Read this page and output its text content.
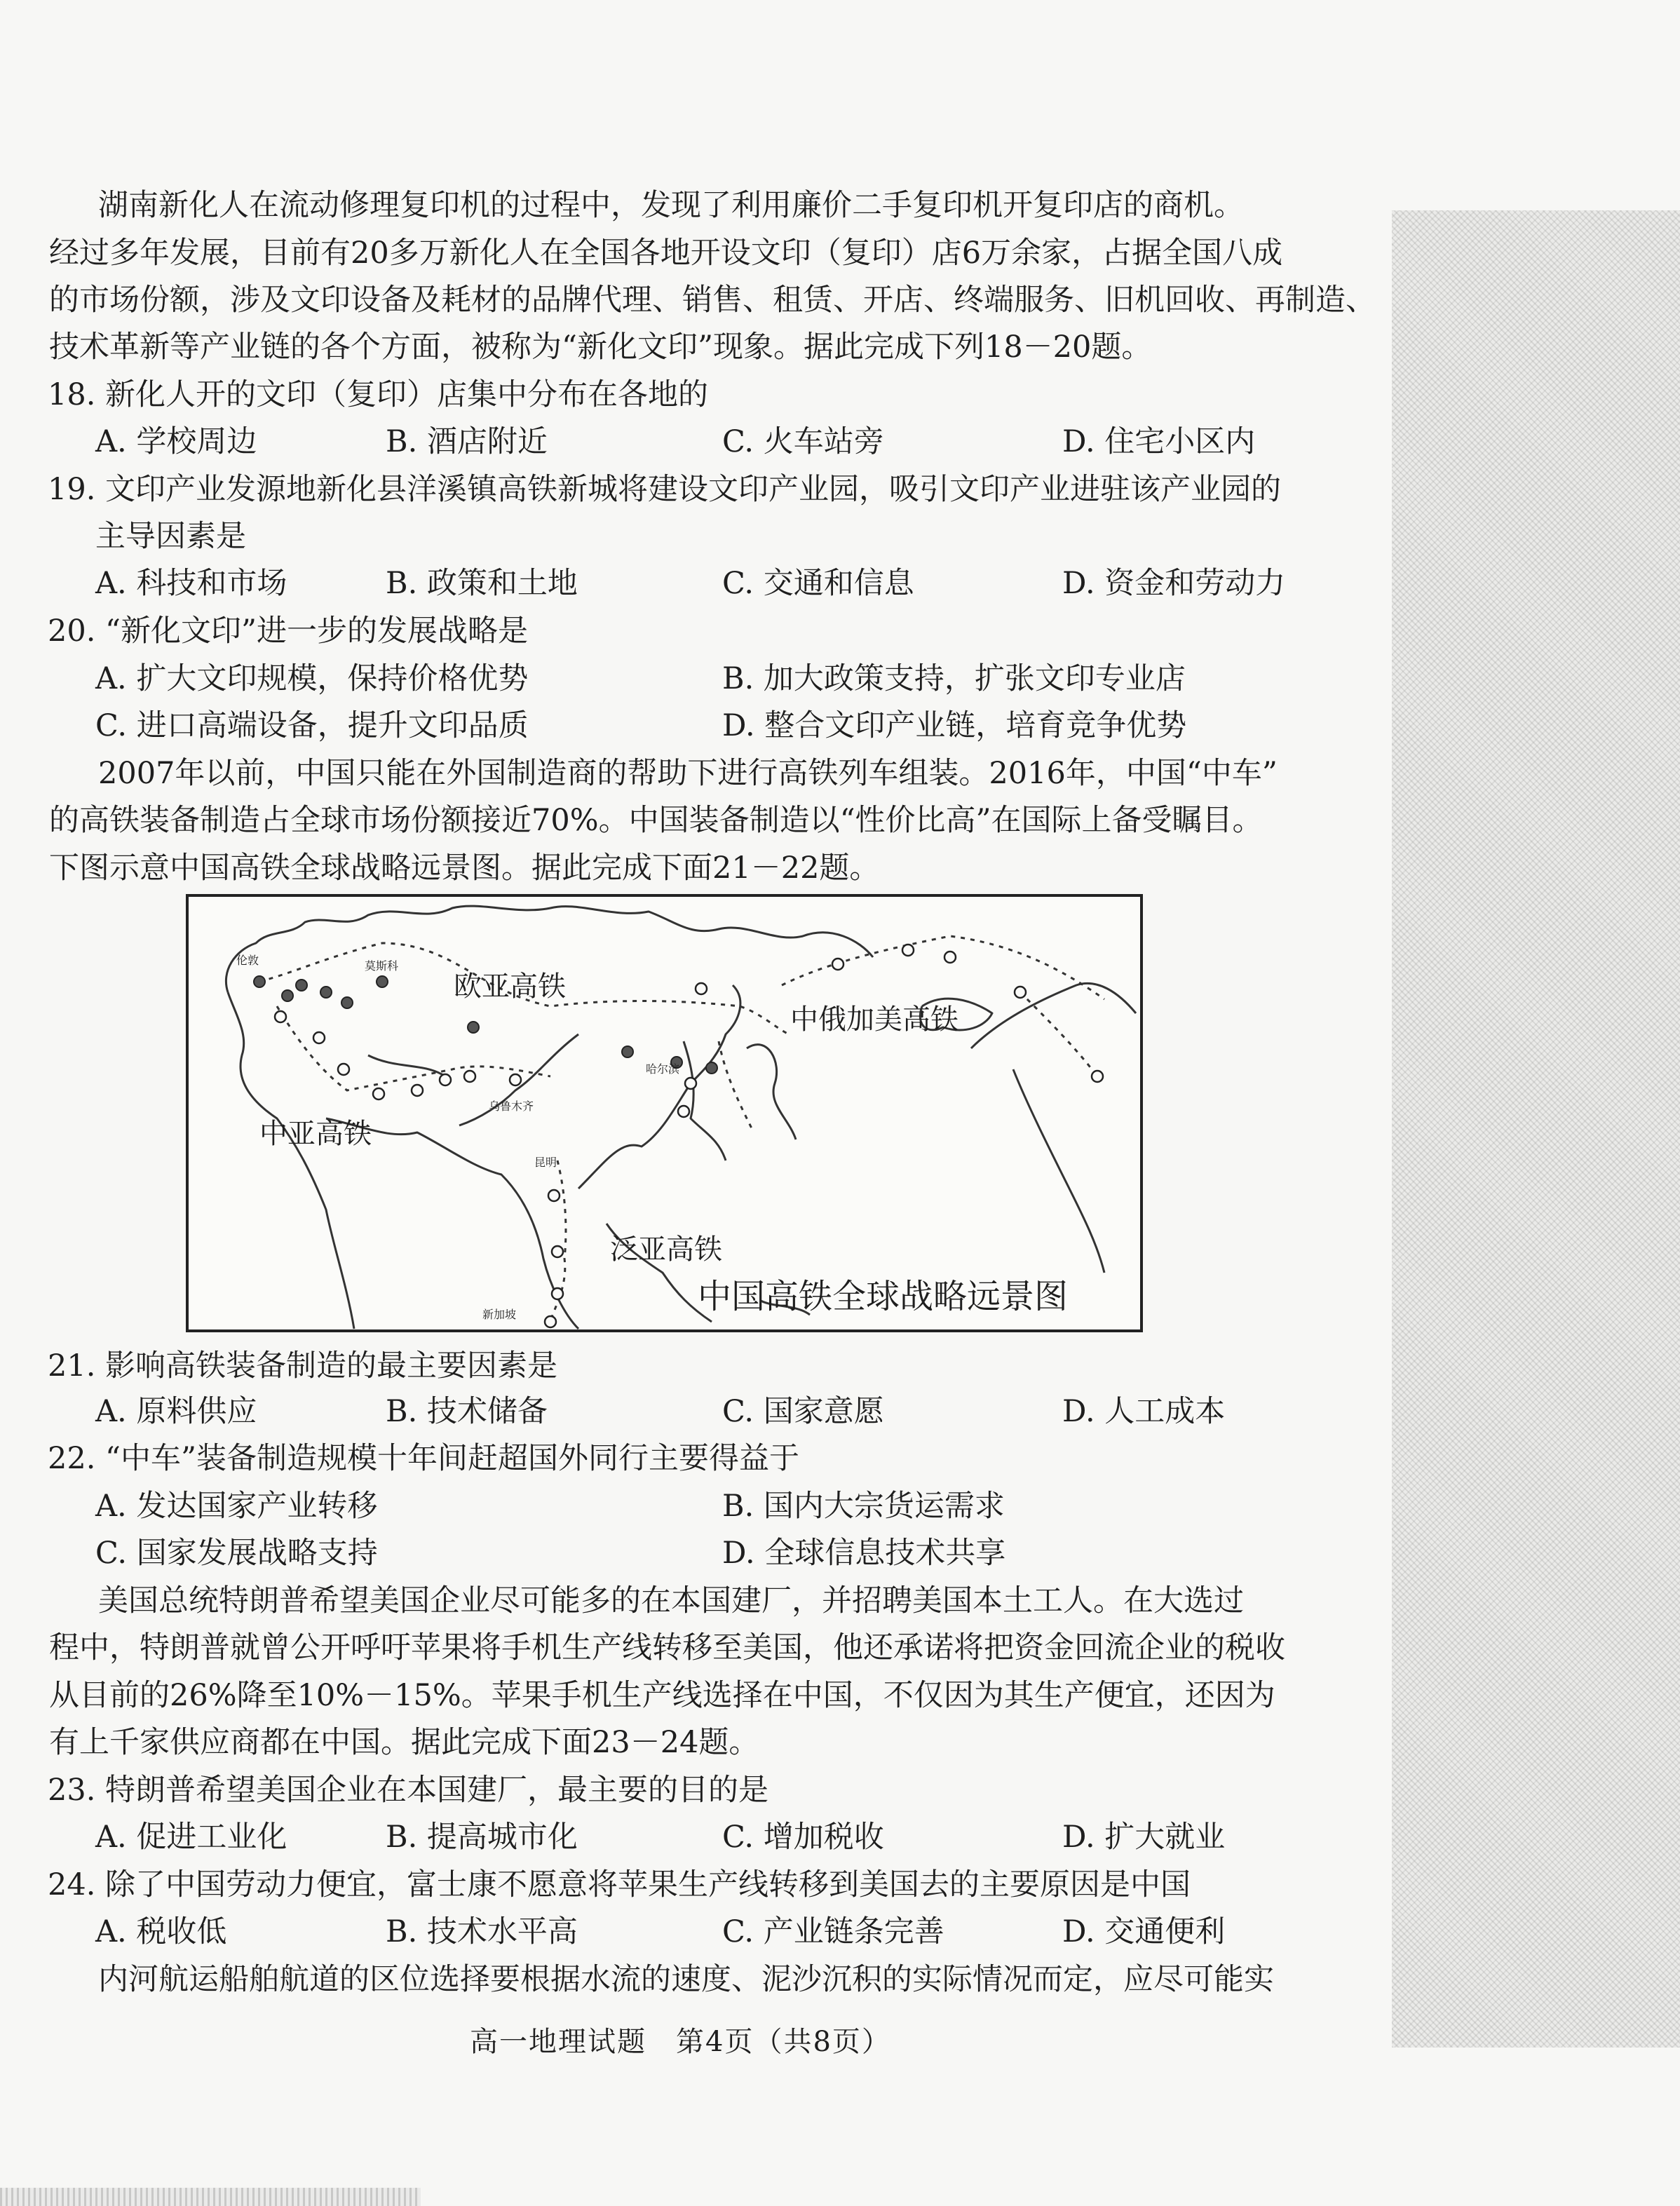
湖南新化人在流动修理复印机的过程中，发现了利用廉价二手复印机开复印店的商机。
经过多年发展，目前有20多万新化人在全国各地开设文印（复印）店6万余家，占据全国八成
的市场份额，涉及文印设备及耗材的品牌代理、销售、租赁、开店、终端服务、旧机回收、再制造、
技术革新等产业链的各个方面，被称为“新化文印”现象。据此完成下列18－20题。
18. 新化人开的文印（复印）店集中分布在各地的
A. 学校周边	B. 酒店附近	C. 火车站旁	D. 住宅小区内
19. 文印产业发源地新化县洋溪镇高铁新城将建设文印产业园，吸引文印产业进驻该产业园的
主导因素是
A. 科技和市场	B. 政策和土地	C. 交通和信息	D. 资金和劳动力
20. “新化文印”进一步的发展战略是
A. 扩大文印规模，保持价格优势	B. 加大政策支持，扩张文印专业店
C. 进口高端设备，提升文印品质	D. 整合文印产业链，培育竞争优势
2007年以前，中国只能在外国制造商的帮助下进行高铁列车组装。2016年，中国“中车”
的高铁装备制造占全球市场份额接近70%。中国装备制造以“性价比高”在国际上备受瞩目。
下图示意中国高铁全球战略远景图。据此完成下面21－22题。
欧亚高铁
中俄加美高铁
中亚高铁
泛亚高铁
伦敦	莫斯科
乌鲁木齐
哈尔滨
昆明
新加坡	中国高铁全球战略远景图
21. 影响高铁装备制造的最主要因素是
A. 原料供应	B. 技术储备	C. 国家意愿	D. 人工成本
22. “中车”装备制造规模十年间赶超国外同行主要得益于
A. 发达国家产业转移	B. 国内大宗货运需求
C. 国家发展战略支持	D. 全球信息技术共享
美国总统特朗普希望美国企业尽可能多的在本国建厂，并招聘美国本土工人。在大选过
程中，特朗普就曾公开呼吁苹果将手机生产线转移至美国，他还承诺将把资金回流企业的税收
从目前的26%降至10%－15%。苹果手机生产线选择在中国，不仅因为其生产便宜，还因为
有上千家供应商都在中国。据此完成下面23－24题。
23. 特朗普希望美国企业在本国建厂，最主要的目的是
A. 促进工业化	B. 提高城市化	C. 增加税收	D. 扩大就业
24. 除了中国劳动力便宜，富士康不愿意将苹果生产线转移到美国去的主要原因是中国
A. 税收低	B. 技术水平高	C. 产业链条完善	D. 交通便利
内河航运船舶航道的区位选择要根据水流的速度、泥沙沉积的实际情况而定，应尽可能实
高一地理试题　第4页（共8页）
